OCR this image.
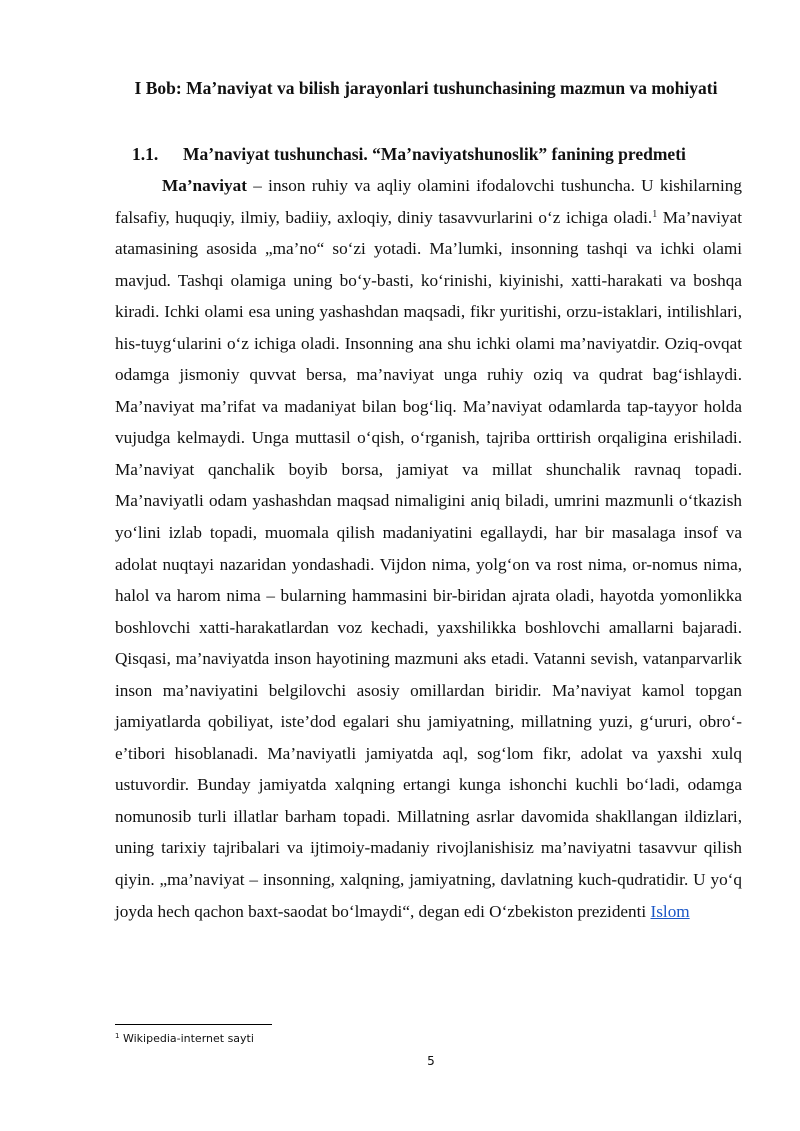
I Bob: Ma’naviyat va bilish jarayonlari tushunchasining mazmun va mohiyati
1.1. Ma’naviyat tushunchasi. “Ma’naviyatshunoslik” fanining predmeti
Ma’naviyat – inson ruhiy va aqliy olamini ifodalovchi tushuncha. U kishilarning falsafiy, huquqiy, ilmiy, badiiy, axloqiy, diniy tasavvurlarini o‘z ichiga oladi.$^1$ Ma’naviyat atamasining asosida „ma’no“ so‘zi yotadi. Ma’lumki, insonning tashqi va ichki olami mavjud. Tashqi olamiga uning bo‘y-basti, ko‘rinishi, kiyinishi, xatti-harakati va boshqa kiradi. Ichki olami esa uning yashashdan maqsadi, fikr yuritishi, orzu-istaklari, intilishlari, his-tuyg‘ularini o‘z ichiga oladi. Insonning ana shu ichki olami ma’naviyatdir. Oziq-ovqat odamga jismoniy quvvat bersa, ma’naviyat unga ruhiy oziq va qudrat bag‘ishlaydi. Ma’naviyat ma’rifat va madaniyat bilan bog‘liq. Ma’naviyat odamlarda tap-tayyor holda vujudga kelmaydi. Unga muttasil o‘qish, o‘rganish, tajriba orttirish orqaligina erishiladi. Ma’naviyat qanchalik boyib borsa, jamiyat va millat shunchalik ravnaq topadi. Ma’naviyatli odam yashashdan maqsad nimaligini aniq biladi, umrini mazmunli o‘tkazish yo‘lini izlab topadi, muomala qilish madaniyatini egallaydi, har bir masalaga insof va adolat nuqtayi nazaridan yondashadi. Vijdon nima, yolg‘on va rost nima, or-nomus nima, halol va harom nima – bularning hammasini bir-biridan ajrata oladi, hayotda yomonlikka boshlovchi xatti-harakatlardan voz kechadi, yaxshilikka boshlovchi amallarni bajaradi. Qisqasi, ma’naviyatda inson hayotining mazmuni aks etadi. Vatanni sevish, vatanparvarlik inson ma’naviyatini belgilovchi asosiy omillardan biridir. Ma’naviyat kamol topgan jamiyatlarda qobiliyat, iste’dod egalari shu jamiyatning, millatning yuzi, g‘ururi, obro‘-e’tibori hisoblanadi. Ma’naviyatli jamiyatda aql, sog‘lom fikr, adolat va yaxshi xulq ustuvordir. Bunday jamiyatda xalqning ertangi kunga ishonchi kuchli bo‘ladi, odamga nomunosib turli illatlar barham topadi. Millatning asrlar davomida shakllangan ildizlari, uning tarixiy tajribalari va ijtimoiy-madaniy rivojlanishisiz ma’naviyatni tasavvur qilish qiyin. „ma’naviyat – insonning, xalqning, jamiyatning, davlatning kuch-qudratidir. U yo‘q joyda hech qachon baxt-saodat bo‘lmaydi“, degan edi O‘zbekiston prezidenti Islom
$^1$ Wikipedia-internet sayti
5
